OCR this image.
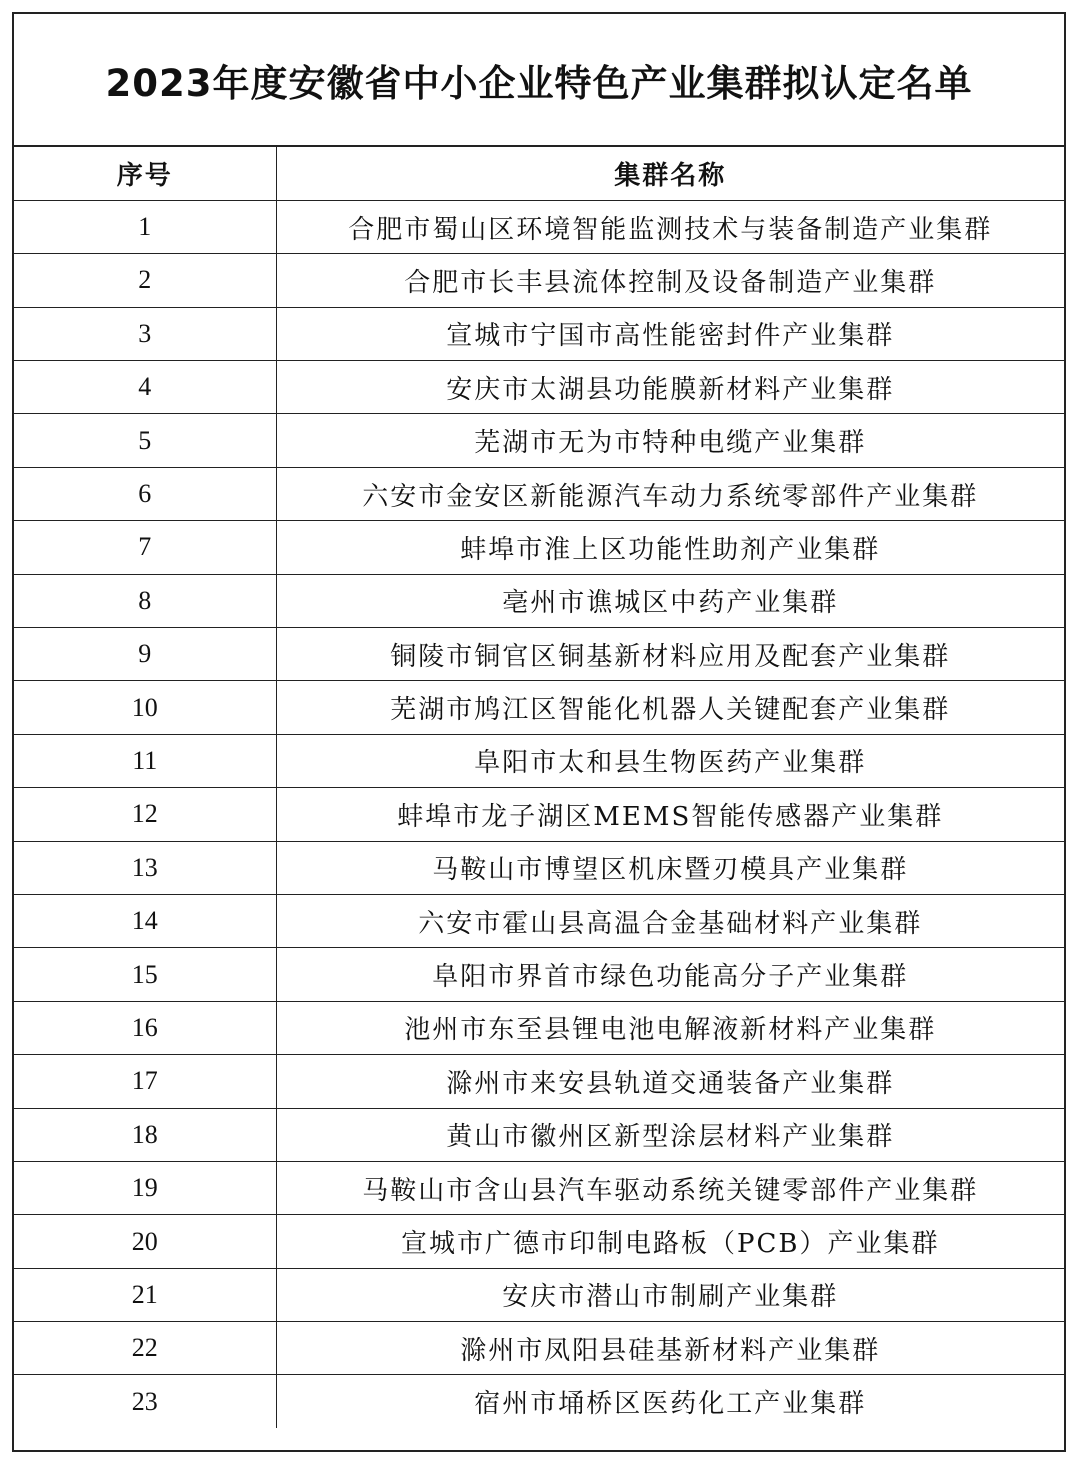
2023年度安徽省中小企业特色产业集群拟认定名单
序号	集群名称
1	合肥市蜀山区环境智能监测技术与装备制造产业集群
2	合肥市长丰县流体控制及设备制造产业集群
3	宣城市宁国市高性能密封件产业集群
4	安庆市太湖县功能膜新材料产业集群
5	芜湖市无为市特种电缆产业集群
6	六安市金安区新能源汽车动力系统零部件产业集群
7	蚌埠市淮上区功能性助剂产业集群
8	亳州市谯城区中药产业集群
9	铜陵市铜官区铜基新材料应用及配套产业集群
10	芜湖市鸠江区智能化机器人关键配套产业集群
11	阜阳市太和县生物医药产业集群
12	蚌埠市龙子湖区MEMS智能传感器产业集群
13	马鞍山市博望区机床暨刃模具产业集群
14	六安市霍山县高温合金基础材料产业集群
15	阜阳市界首市绿色功能高分子产业集群
16	池州市东至县锂电池电解液新材料产业集群
17	滁州市来安县轨道交通装备产业集群
18	黄山市徽州区新型涂层材料产业集群
19	马鞍山市含山县汽车驱动系统关键零部件产业集群
20	宣城市广德市印制电路板（PCB）产业集群
21	安庆市潜山市制刷产业集群
22	滁州市凤阳县硅基新材料产业集群
23	宿州市埇桥区医药化工产业集群
